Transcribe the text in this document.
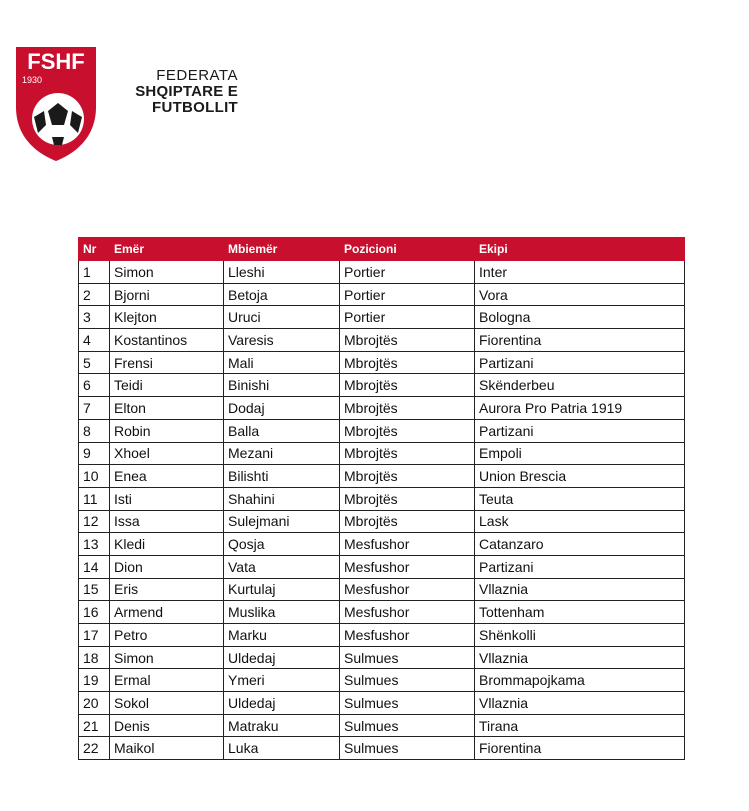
FSHF
1930	FEDERATA
SHQIPTARE E
FUTBOLLIT
Nr	Emër	Mbiemër	Pozicioni	Ekipi
1	Simon	Lleshi	Portier	Inter
2	Bjorni	Betoja	Portier	Vora
3	Klejton	Uruci	Portier	Bologna
4	Kostantinos	Varesis	Mbrojtës	Fiorentina
5	Frensi	Mali	Mbrojtës	Partizani
6	Teidi	Binishi	Mbrojtës	Skënderbeu
7	Elton	Dodaj	Mbrojtës	Aurora Pro Patria 1919
8	Robin	Balla	Mbrojtës	Partizani
9	Xhoel	Mezani	Mbrojtës	Empoli
10	Enea	Bilishti	Mbrojtës	Union Brescia
11	Isti	Shahini	Mbrojtës	Teuta
12	Issa	Sulejmani	Mbrojtës	Lask
13	Kledi	Qosja	Mesfushor	Catanzaro
14	Dion	Vata	Mesfushor	Partizani
15	Eris	Kurtulaj	Mesfushor	Vllaznia
16	Armend	Muslika	Mesfushor	Tottenham
17	Petro	Marku	Mesfushor	Shënkolli
18	Simon	Uldedaj	Sulmues	Vllaznia
19	Ermal	Ymeri	Sulmues	Brommapojkama
20	Sokol	Uldedaj	Sulmues	Vllaznia
21	Denis	Matraku	Sulmues	Tirana
22	Maikol	Luka	Sulmues	Fiorentina
